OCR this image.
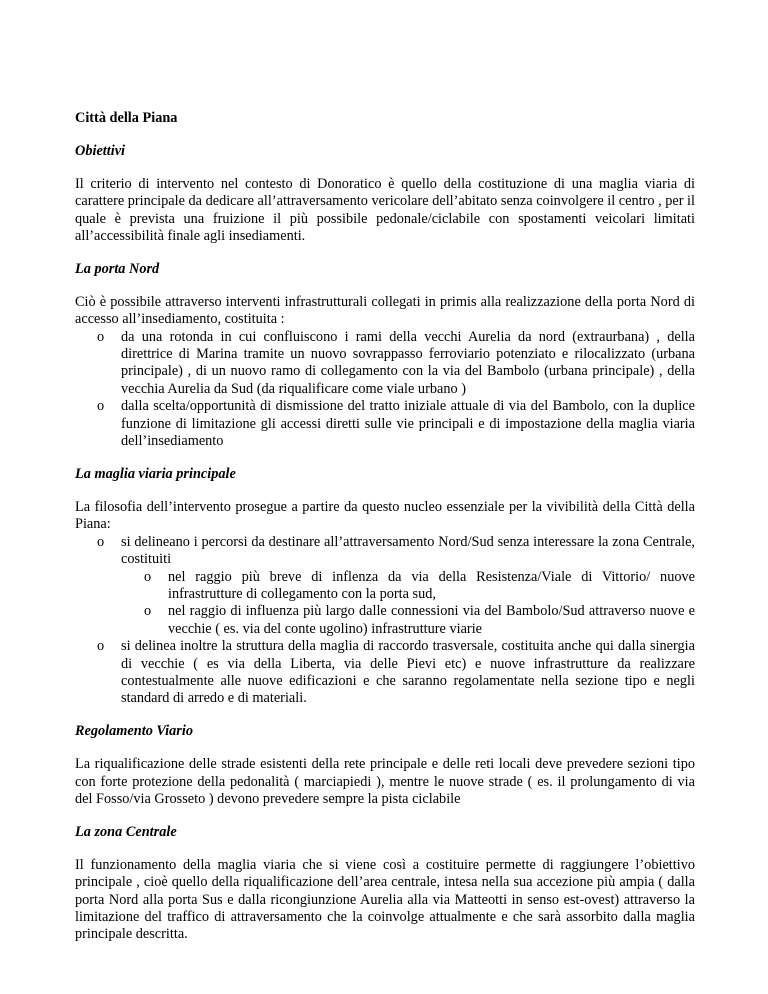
Città della Piana

Obiettivi

Il criterio di intervento nel contesto di Donoratico è quello della costituzione di una maglia viaria di carattere principale da dedicare all’attraversamento vericolare dell’abitato senza coinvolgere il centro , per il quale è prevista una fruizione il più possibile pedonale/ciclabile con spostamenti veicolari limitati all’accessibilità finale agli insediamenti.

La porta Nord

Ciò è possibile attraverso interventi infrastrutturali collegati in primis alla realizzazione della porta Nord di accesso all’insediamento, costituita :

o da una rotonda in cui confluiscono i rami della vecchi Aurelia da nord (extraurbana) , della direttrice di Marina tramite un nuovo sovrappasso ferroviario potenziato e rilocalizzato (urbana principale) , di un nuovo ramo di collegamento con la via del Bambolo (urbana principale) , della vecchia Aurelia da Sud (da riqualificare come viale urbano )
o dalla scelta/opportunità di dismissione del tratto iniziale attuale di via del Bambolo, con la duplice funzione di limitazione gli accessi diretti sulle vie principali e di impostazione della maglia viaria dell’insediamento

La maglia viaria principale

La filosofia dell’intervento prosegue a partire da questo nucleo essenziale per la vivibilità della Città della Piana:

o si delineano i percorsi da destinare all’attraversamento Nord/Sud senza interessare la zona Centrale, costituiti
o nel raggio più breve di inflenza da via della Resistenza/Viale di Vittorio/ nuove infrastrutture di collegamento con la porta sud,
o nel raggio di influenza più largo dalle connessioni via del Bambolo/Sud attraverso nuove e vecchie ( es. via del conte ugolino) infrastrutture viarie
o si delinea inoltre la struttura della maglia di raccordo trasversale, costituita anche qui dalla sinergia di vecchie ( es via della Liberta, via delle Pievi etc) e nuove infrastrutture da realizzare contestualmente alle nuove edificazioni e che saranno regolamentate nella sezione tipo e negli standard di arredo e di materiali.

Regolamento Viario

La riqualificazione delle strade esistenti della rete principale e delle reti locali deve prevedere sezioni tipo con forte protezione della pedonalità ( marciapiedi ), mentre le nuove strade ( es. il prolungamento di via del Fosso/via Grosseto ) devono prevedere sempre la pista ciclabile

La zona Centrale

Il funzionamento della maglia viaria che si viene così a costituire permette di raggiungere l’obiettivo principale , cioè quello della riqualificazione dell’area centrale, intesa nella sua accezione più ampia ( dalla porta Nord alla porta Sus e dalla ricongiunzione Aurelia alla via Matteotti in senso est-ovest) attraverso la limitazione del traffico di attraversamento che la coinvolge attualmente e che sarà assorbito dalla maglia principale descritta.
